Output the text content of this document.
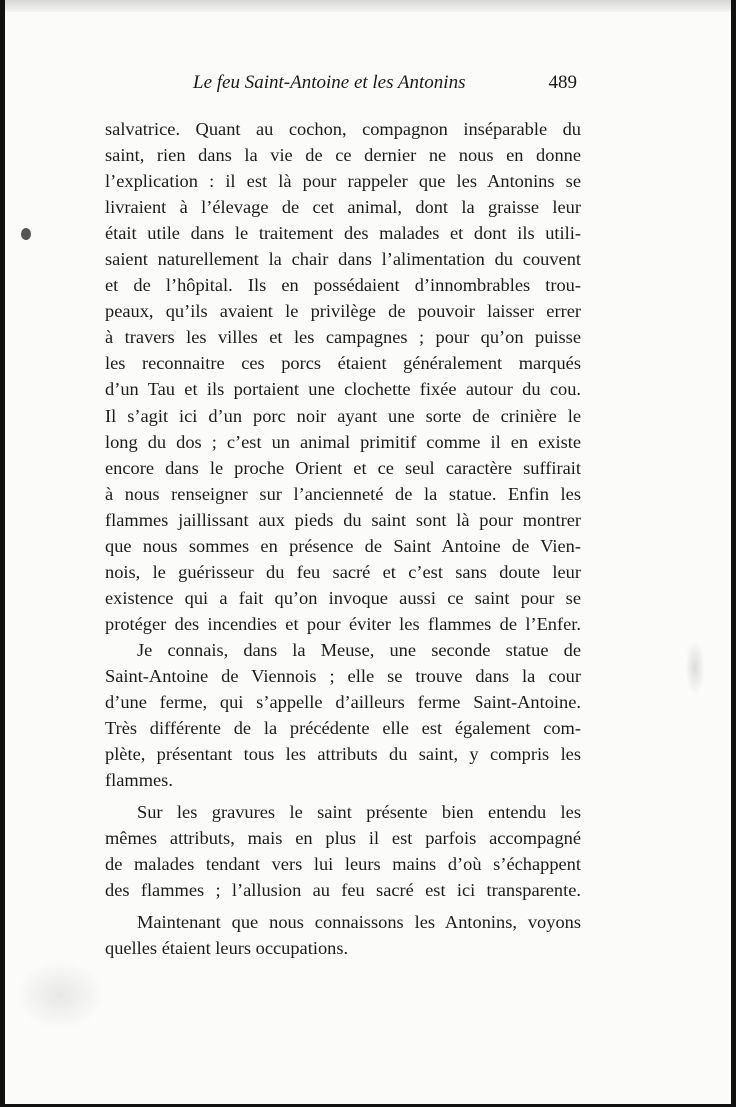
Le feu Saint-Antoine et les Antonins	489
salvatrice. Quant au cochon, compagnon inséparable du
saint, rien dans la vie de ce dernier ne nous en donne
l’explication : il est là pour rappeler que les Antonins se
livraient à l’élevage de cet animal, dont la graisse leur
était utile dans le traitement des malades et dont ils utili-
saient naturellement la chair dans l’alimentation du couvent
et de l’hôpital. Ils en possédaient d’innombrables trou-
peaux, qu’ils avaient le privilège de pouvoir laisser errer
à travers les villes et les campagnes ; pour qu’on puisse
les reconnaitre ces porcs étaient généralement marqués
d’un Tau et ils portaient une clochette fixée autour du cou.
Il s’agit ici d’un porc noir ayant une sorte de crinière le
long du dos ; c’est un animal primitif comme il en existe
encore dans le proche Orient et ce seul caractère suffirait
à nous renseigner sur l’ancienneté de la statue. Enfin les
flammes jaillissant aux pieds du saint sont là pour montrer
que nous sommes en présence de Saint Antoine de Vien-
nois, le guérisseur du feu sacré et c’est sans doute leur
existence qui a fait qu’on invoque aussi ce saint pour se
protéger des incendies et pour éviter les flammes de l’Enfer.
Je connais, dans la Meuse, une seconde statue de
Saint-Antoine de Viennois ; elle se trouve dans la cour
d’une ferme, qui s’appelle d’ailleurs ferme Saint-Antoine.
Très différente de la précédente elle est également com-
plète, présentant tous les attributs du saint, y compris les
flammes.
Sur les gravures le saint présente bien entendu les
mêmes attributs, mais en plus il est parfois accompagné
de malades tendant vers lui leurs mains d’où s’échappent
des flammes ; l’allusion au feu sacré est ici transparente.
Maintenant que nous connaissons les Antonins, voyons
quelles étaient leurs occupations.
